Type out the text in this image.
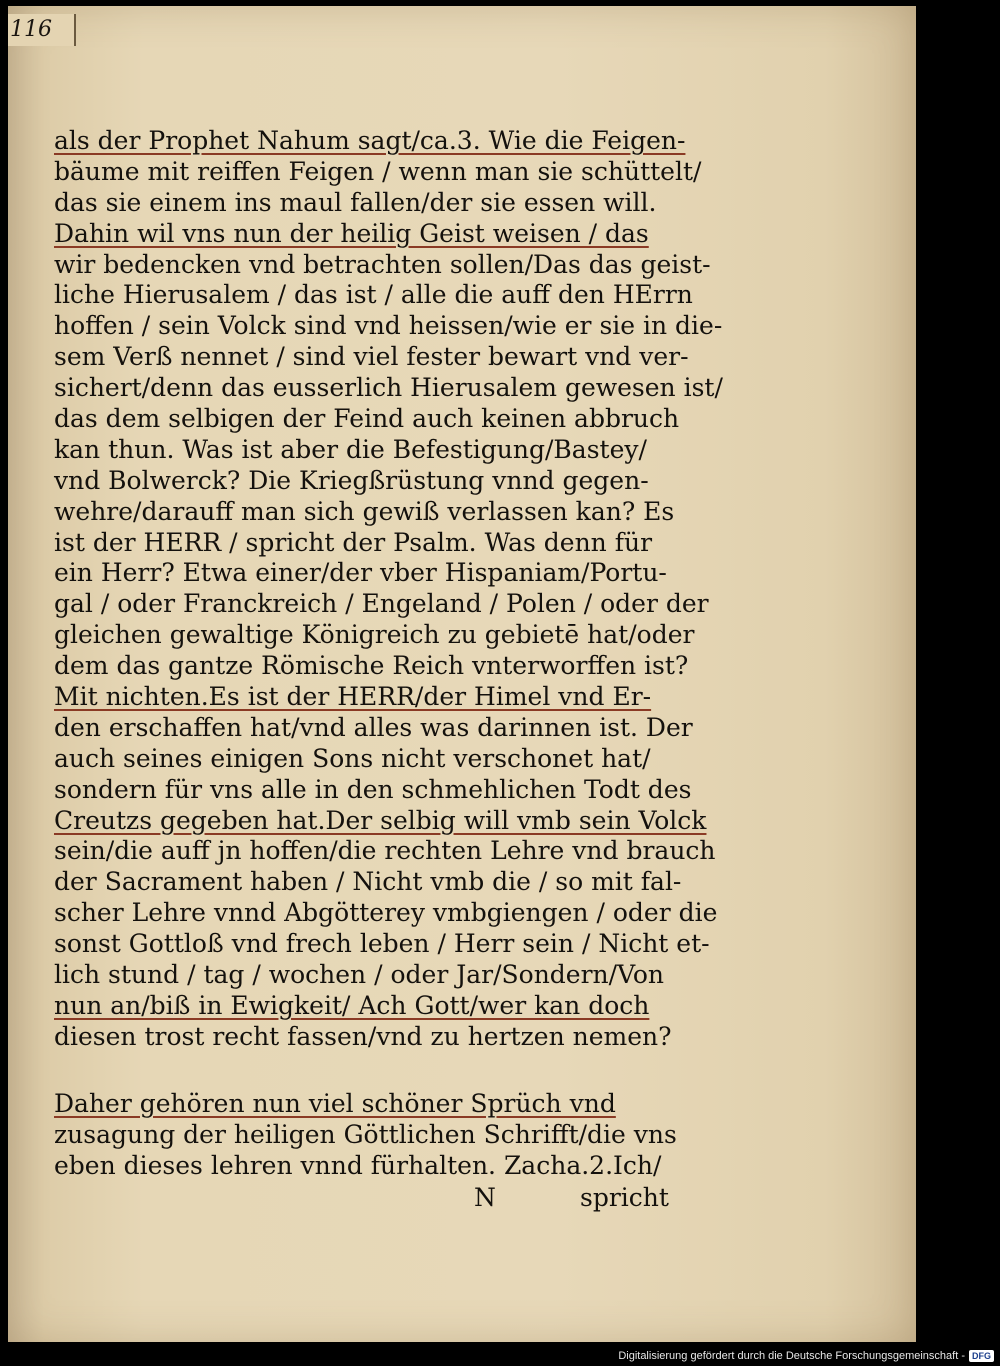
116
als der Prophet Nahum sagt/ca.3. Wie die Feigen-
bäume mit reiffen Feigen / wenn man sie schüttelt/
das sie einem ins maul fallen/der sie essen will.
Dahin wil vns nun der heilig Geist weisen / das
wir bedencken vnd betrachten sollen/Das das geist-
liche Hierusalem / das ist / alle die auff den HErrn
hoffen / sein Volck sind vnd heissen/wie er sie in die-
sem Verß nennet / sind viel fester bewart vnd ver-
sichert/denn das eusserlich Hierusalem gewesen ist/
das dem selbigen der Feind auch keinen abbruch
kan thun. Was ist aber die Befestigung/Bastey/
vnd Bolwerck? Die Kriegßrüstung vnnd gegen-
wehre/darauff man sich gewiß verlassen kan? Es
ist der HERR / spricht der Psalm. Was denn für
ein Herr? Etwa einer/der vber Hispaniam/Portu-
gal / oder Franckreich / Engeland / Polen / oder der
gleichen gewaltige Königreich zu gebietē hat/oder
dem das gantze Römische Reich vnterworffen ist?
Mit nichten.Es ist der HERR/der Himel vnd Er-
den erschaffen hat/vnd alles was darinnen ist. Der
auch seines einigen Sons nicht verschonet hat/
sondern für vns alle in den schmehlichen Todt des
Creutzs gegeben hat.Der selbig will vmb sein Volck
sein/die auff jn hoffen/die rechten Lehre vnd brauch
der Sacrament haben / Nicht vmb die / so mit fal-
scher Lehre vnnd Abgötterey vmbgiengen / oder die
sonst Gottloß vnd frech leben / Herr sein / Nicht et-
lich stund / tag / wochen / oder Jar/Sondern/Von
nun an/biß in Ewigkeit/ Ach Gott/wer kan doch
diesen trost recht fassen/vnd zu hertzen nemen?
Daher gehören nun viel schöner Sprüch vnd
zusagung der heiligen Göttlichen Schrifft/die vns
eben dieses lehren vnnd fürhalten. Zacha.2.Ich/
N	spricht
Digitalisierung gefördert durch die Deutsche Forschungsgemeinschaft - DFG
